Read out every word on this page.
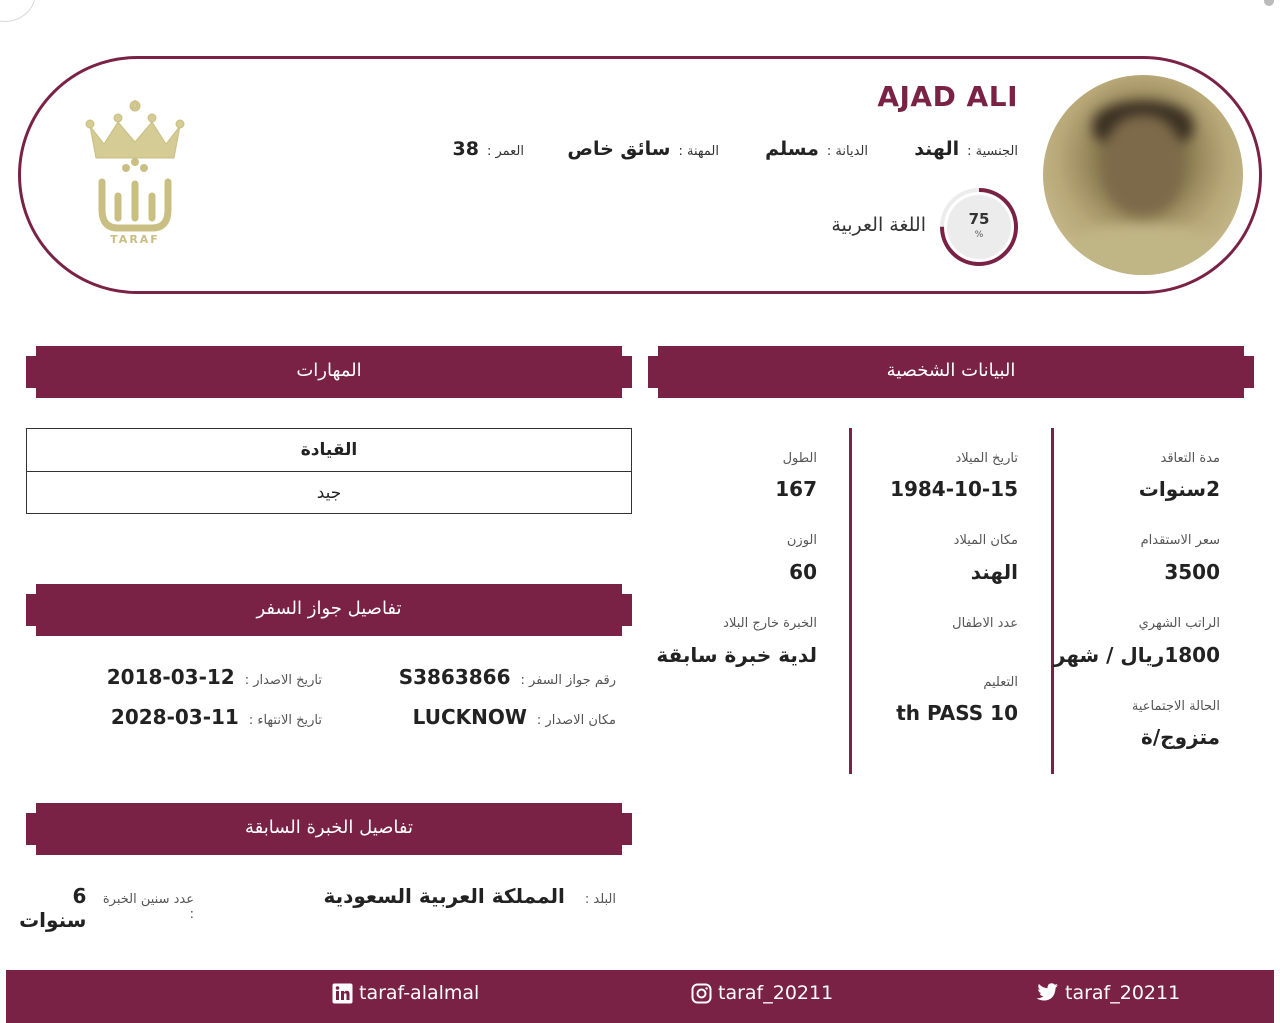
AJAD ALI
الجنسية :
الهند
الديانة :
مسلم
المهنة :
سائق خاص
العمر :
38
75
%
اللغة العربية
TARAF
المهارات	البيانات الشخصية
تفاصيل جواز السفر
تفاصيل الخبرة السابقة
القيادة
جيد
مدة التعاقد
2سنوات
سعر الاستقدام
3500
الراتب الشهري
1800ريال / شهر
الحالة الاجتماعية
متزوج/ة
تاريخ الميلاد
1984-10-15
مكان الميلاد
الهند
عدد الاطفال
التعليم
th PASS 10
الطول
167
الوزن
60
الخبرة خارج البلاد
لدية خبرة سابقة
رقم جواز السفر :
S3863866
تاريخ الاصدار :
2018-03-12
مكان الاصدار :
LUCKNOW
تاريخ الانتهاء :
2028-03-11
البلد :
المملكة العربية السعودية
عدد سنين الخبرة :
6 سنوات
taraf-alalmal	taraf_20211	taraf_20211
